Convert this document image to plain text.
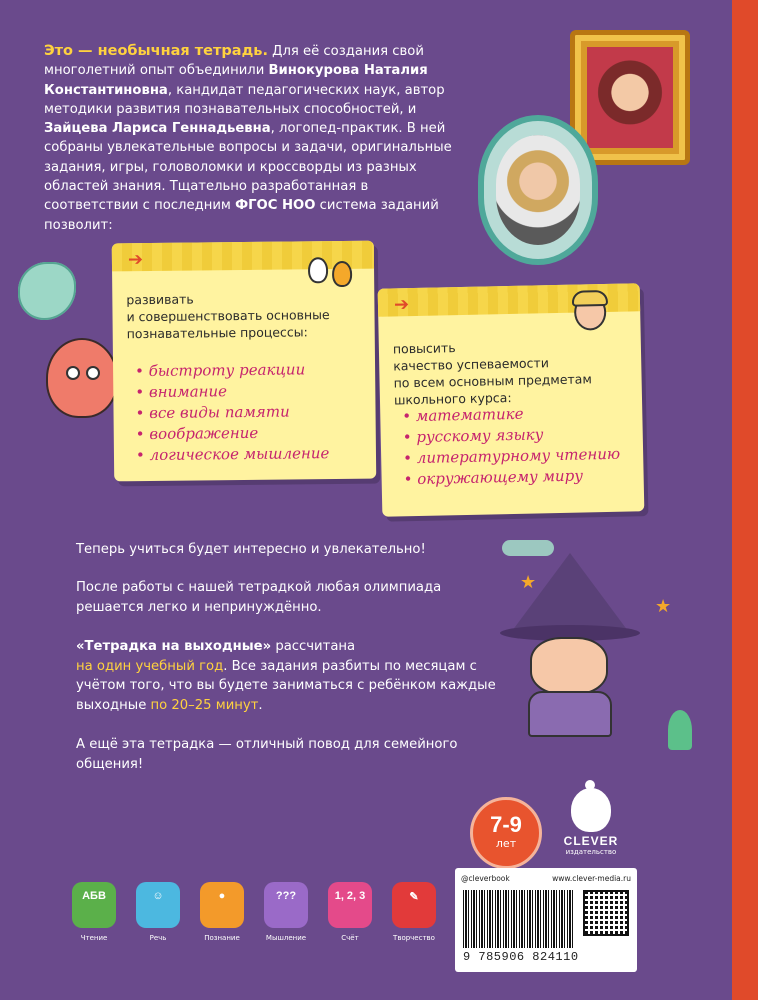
Это — необычная тетрадь. Для её создания свой многолетний опыт объединили Винокурова Наталия Константиновна, кандидат педагогических наук, автор методики развития познавательных способностей, и Зайцева Лариса Геннадьевна, логопед-практик. В ней собраны увлекательные вопросы и задачи, оригинальные задания, игры, головоломки и кроссворды из разных областей знания. Тщательно разработанная в соответствии с последним ФГОС НОО система заданий позволит:
➔
развивать
и совершенствовать основные
познавательные процессы:
• быстроту реакции
• внимание
• все виды памяти
• воображение
• логическое мышление
➔
повысить
качество успеваемости
по всем основным предметам
школьного курса:
• математике
• русскому языку
• литературному чтению
• окружающему миру
Теперь учиться будет интересно и увлекательно!
После работы с нашей тетрадкой любая олимпиада решается легко и непринуждённо.
«Тетрадка на выходные» рассчитана
на один учебный год. Все задания разбиты по месяцам с учётом того, что вы будете заниматься с ребёнком каждые выходные по 20–25 минут.
А ещё эта тетрадка — отличный повод для семейного общения!
★
★
7-9
лет	CLEVER
издательство
АБВ
Чтение
☺
Речь
●
Познание
???
Мышление
1, 2, 3
Счёт
✎
Творчество
@cleverbook	www.clever-media.ru
9 785906 824110
